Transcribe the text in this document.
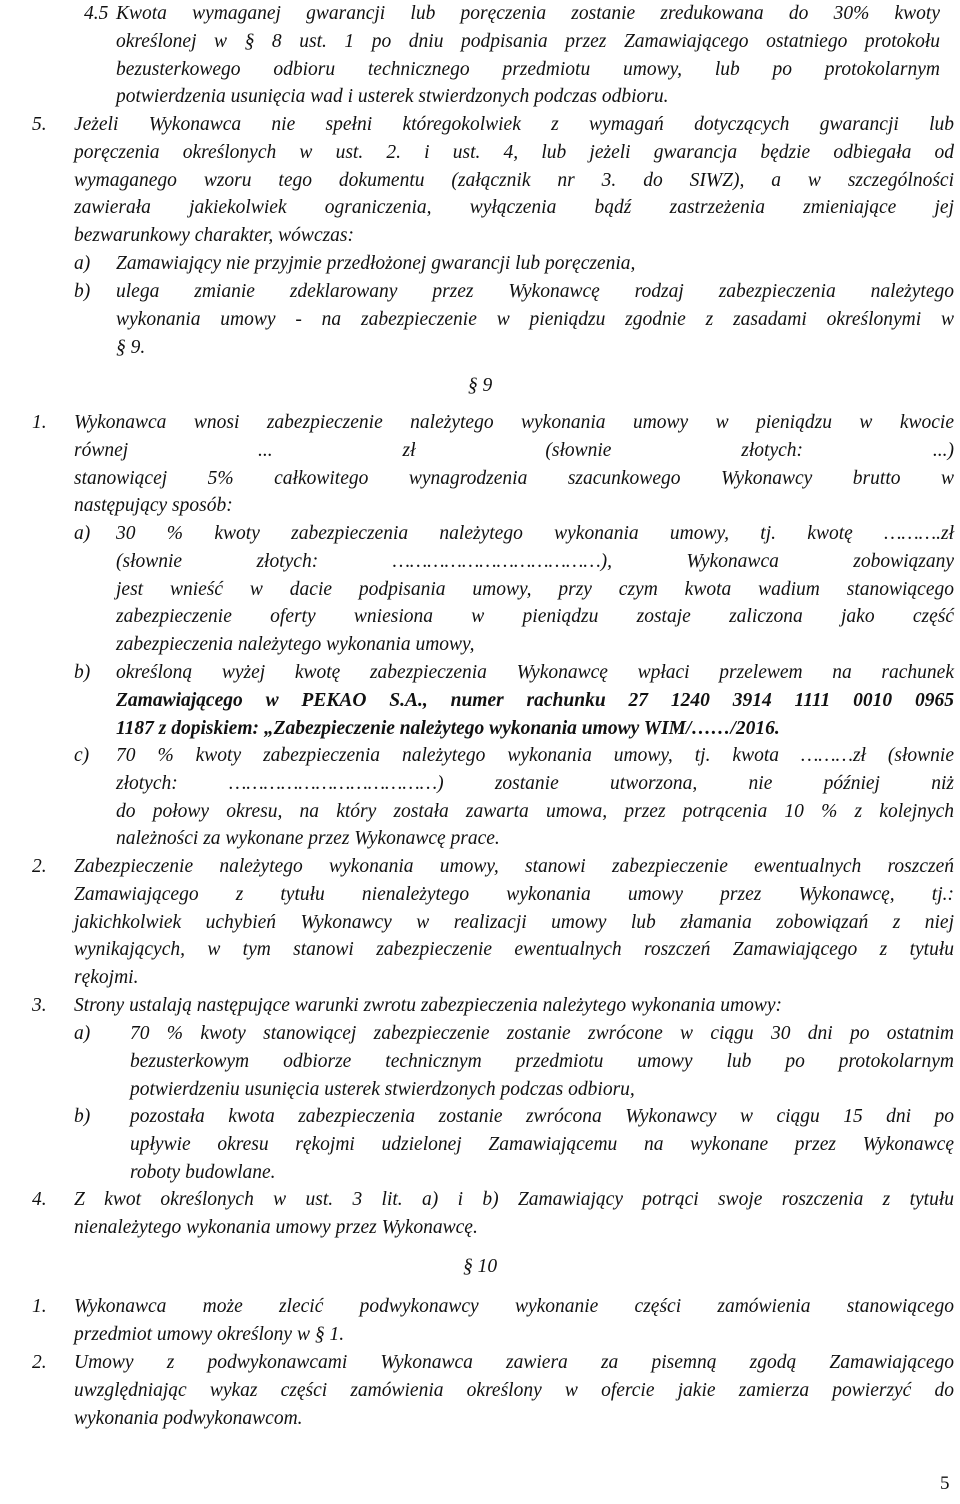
4.5 Kwota wymaganej gwarancji lub poręczenia zostanie zredukowana do 30% kwoty
określonej w § 8 ust. 1 po dniu podpisania przez Zamawiającego ostatniego protokołu
bezusterkowego odbioru technicznego przedmiotu umowy, lub po protokolarnym
potwierdzenia usunięcia wad i usterek stwierdzonych podczas odbioru.
5. Jeżeli Wykonawca nie spełni któregokolwiek z wymagań dotyczących gwarancji lub
poręczenia określonych w ust. 2. i ust. 4, lub jeżeli gwarancja będzie odbiegała od
wymaganego wzoru tego dokumentu (załącznik nr 3. do SIWZ), a w szczególności
zawierała jakiekolwiek ograniczenia, wyłączenia bądź zastrzeżenia zmieniające jej
bezwarunkowy charakter, wówczas:
a) Zamawiający nie przyjmie przedłożonej gwarancji lub poręczenia,
b) ulega zmianie zdeklarowany przez Wykonawcę rodzaj zabezpieczenia należytego
wykonania umowy - na zabezpieczenie w pieniądzu zgodnie z zasadami określonymi w
§ 9.
§ 9
1. Wykonawca wnosi zabezpieczenie należytego wykonania umowy w pieniądzu w kwocie
równej ... zł (słownie złotych: ...)
stanowiącej 5% całkowitego wynagrodzenia szacunkowego Wykonawcy brutto w
następujący sposób:
a) 30 % kwoty zabezpieczenia należytego wykonania umowy, tj. kwotę ……….zł
(słownie złotych: ………………………………), Wykonawca zobowiązany
jest wnieść w dacie podpisania umowy, przy czym kwota wadium stanowiącego
zabezpieczenie oferty wniesiona w pieniądzu zostaje zaliczona jako część
zabezpieczenia należytego wykonania umowy,
b) określoną wyżej kwotę zabezpieczenia Wykonawcę wpłaci przelewem na rachunek
Zamawiającego w PEKAO S.A., numer rachunku 27 1240 3914 1111 0010 0965
1187 z dopiskiem: „Zabezpieczenie należytego wykonania umowy WIM/……/2016.
c) 70 % kwoty zabezpieczenia należytego wykonania umowy, tj. kwota ………zł (słownie
złotych: ………………………………) zostanie utworzona, nie później niż
do połowy okresu, na który została zawarta umowa, przez potrącenia 10 % z kolejnych
należności za wykonane przez Wykonawcę prace.
2. Zabezpieczenie należytego wykonania umowy, stanowi zabezpieczenie ewentualnych roszczeń
Zamawiającego z tytułu nienależytego wykonania umowy przez Wykonawcę, tj.:
jakichkolwiek uchybień Wykonawcy w realizacji umowy lub złamania zobowiązań z niej
wynikających, w tym stanowi zabezpieczenie ewentualnych roszczeń Zamawiającego z tytułu
rękojmi.
3. Strony ustalają następujące warunki zwrotu zabezpieczenia należytego wykonania umowy:
a) 70 % kwoty stanowiącej zabezpieczenie zostanie zwrócone w ciągu 30 dni po ostatnim
bezusterkowym odbiorze technicznym przedmiotu umowy lub po protokolarnym
potwierdzeniu usunięcia usterek stwierdzonych podczas odbioru,
b) pozostała kwota zabezpieczenia zostanie zwrócona Wykonawcy w ciągu 15 dni po
upływie okresu rękojmi udzielonej Zamawiającemu na wykonane przez Wykonawcę
roboty budowlane.
4. Z kwot określonych w ust. 3 lit. a) i b) Zamawiający potrąci swoje roszczenia z tytułu
nienależytego wykonania umowy przez Wykonawcę.
§ 10
1. Wykonawca może zlecić podwykonawcy wykonanie części zamówienia stanowiącego
przedmiot umowy określony w § 1.
2. Umowy z podwykonawcami Wykonawca zawiera za pisemną zgodą Zamawiającego
uwzględniając wykaz części zamówienia określony w ofercie jakie zamierza powierzyć do
wykonania podwykonawcom.
5
